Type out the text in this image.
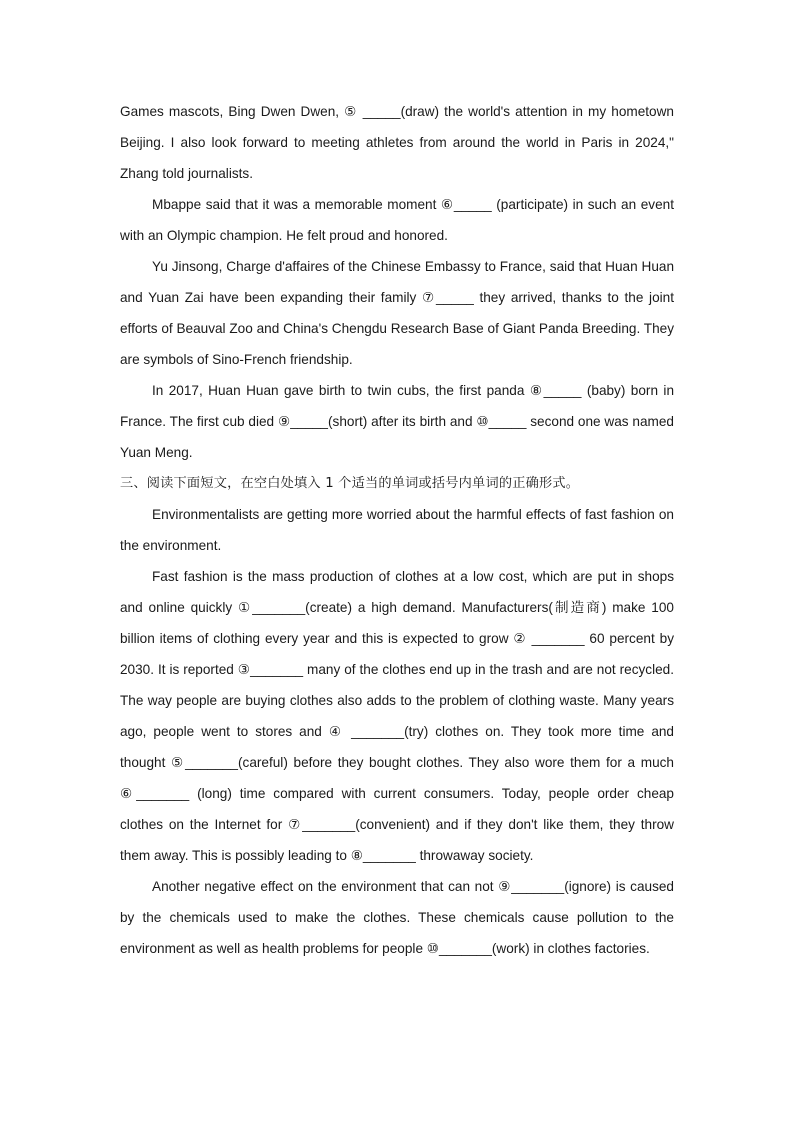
Games mascots, Bing Dwen Dwen, ⑤ _____(draw) the world's attention in my hometown Beijing. I also look forward to meeting athletes from around the world in Paris in 2024," Zhang told journalists.

Mbappe said that it was a memorable moment ⑥_____ (participate) in such an event with an Olympic champion. He felt proud and honored.

Yu Jinsong, Charge d'affaires of the Chinese Embassy to France, said that Huan Huan and Yuan Zai have been expanding their family ⑦_____ they arrived, thanks to the joint efforts of Beauval Zoo and China's Chengdu Research Base of Giant Panda Breeding. They are symbols of Sino-French friendship.

In 2017, Huan Huan gave birth to twin cubs, the first panda ⑧_____ (baby) born in France. The first cub died ⑨_____(short) after its birth and ⑩_____ second one was named Yuan Meng.

三、阅读下面短文，在空白处填入 1 个适当的单词或括号内单词的正确形式。

Environmentalists are getting more worried about the harmful effects of fast fashion on the environment.

Fast fashion is the mass production of clothes at a low cost, which are put in shops and online quickly ①_______(create) a high demand. Manufacturers(制造商) make 100 billion items of clothing every year and this is expected to grow ② _______ 60 percent by 2030. It is reported ③_______ many of the clothes end up in the trash and are not recycled. The way people are buying clothes also adds to the problem of clothing waste. Many years ago, people went to stores and ④ _______(try) clothes on. They took more time and thought ⑤_______(careful) before they bought clothes. They also wore them for a much ⑥_______ (long) time compared with current consumers. Today, people order cheap clothes on the Internet for ⑦_______(convenient) and if they don't like them, they throw them away. This is possibly leading to ⑧_______ throwaway society.

Another negative effect on the environment that can not ⑨_______(ignore) is caused by the chemicals used to make the clothes. These chemicals cause pollution to the environment as well as health problems for people ⑩_______(work) in clothes factories.
